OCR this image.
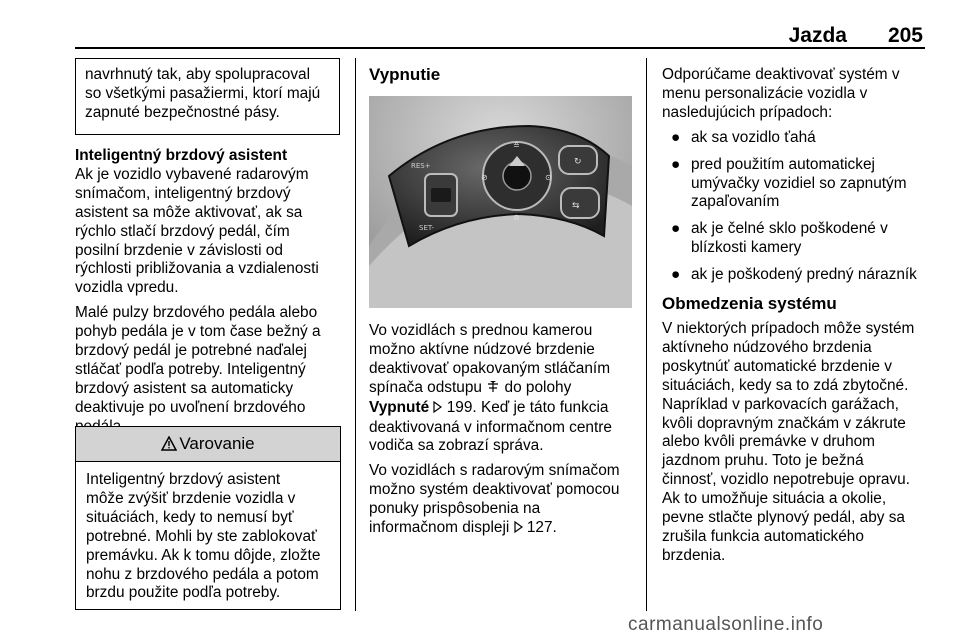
Jazda 205
navrhnutý tak, aby spolupracoval
so všetkými pasažiermi, ktorí majú
zapnuté bezpečnostné pásy.
Inteligentný brzdový asistent

Ak je vozidlo vybavené radarovým
snímačom, inteligentný brzdový
asistent sa môže aktivovať, ak sa
rýchlo stlačí brzdový pedál, čím
posilní brzdenie v závislosti od
rýchlosti približovania a vzdialenosti
vozidla vpredu.

Malé pulzy brzdového pedála alebo
pohyb pedála je v tom čase bežný a
brzdový pedál je potrebné naďalej
stláčať podľa potreby. Inteligentný
brzdový asistent sa automaticky
deaktivuje po uvoľnení brzdového

Varovanie
Inteligentný brzdový asistent
môže zvýšiť brzdenie vozidla v
situáciách, kedy to nemusí byť
potrebné. Mohli by ste zablokovať
premávku. Ak k tomu dôjde, zložte
nohu z brzdového pedála a potom
brzdu použite podľa potreby.
Vypnutie
⊘	⊙
⊚
≙
↻
⇆
RES+
SET-

Vo vozidlách s prednou kamerou
možno aktívne núdzové brzdenie
deaktivovať opakovaným stláčaním
spínača odstupu do polohy
Vypnuté 199. Keď je táto funkcia
deaktivovaná v informačnom centre
vodiča sa zobrazí správa.

Vo vozidlách s radarovým snímačom
možno systém deaktivovať pomocou
ponuky prispôsobenia na
informačnom displeji 127.

Odporúčame deaktivovať systém v
menu personalizácie vozidla v
nasledujúcich prípadoch:

● ak sa vozidlo ťahá
● pred použitím automatickej
umývačky vozidiel so zapnutým
zapaľovaním
● ak je čelné sklo poškodené v
blízkosti kamery
● ak je poškodený predný nárazník
Obmedzenia systému

V niektorých prípadoch môže systém
aktívneho núdzového brzdenia
poskytnúť automatické brzdenie v
situáciách, kedy sa to zdá zbytočné.
Napríklad v parkovacích garážach,
kvôli dopravným značkám v zákrute
alebo kvôli premávke v druhom
jazdnom pruhu. Toto je bežná
činnosť, vozidlo nepotrebuje opravu.
Ak to umožňuje situácia a okolie,
pevne stlačte plynový pedál, aby sa
zrušila funkcia automatického
brzdenia.

carmanualsonline.info
